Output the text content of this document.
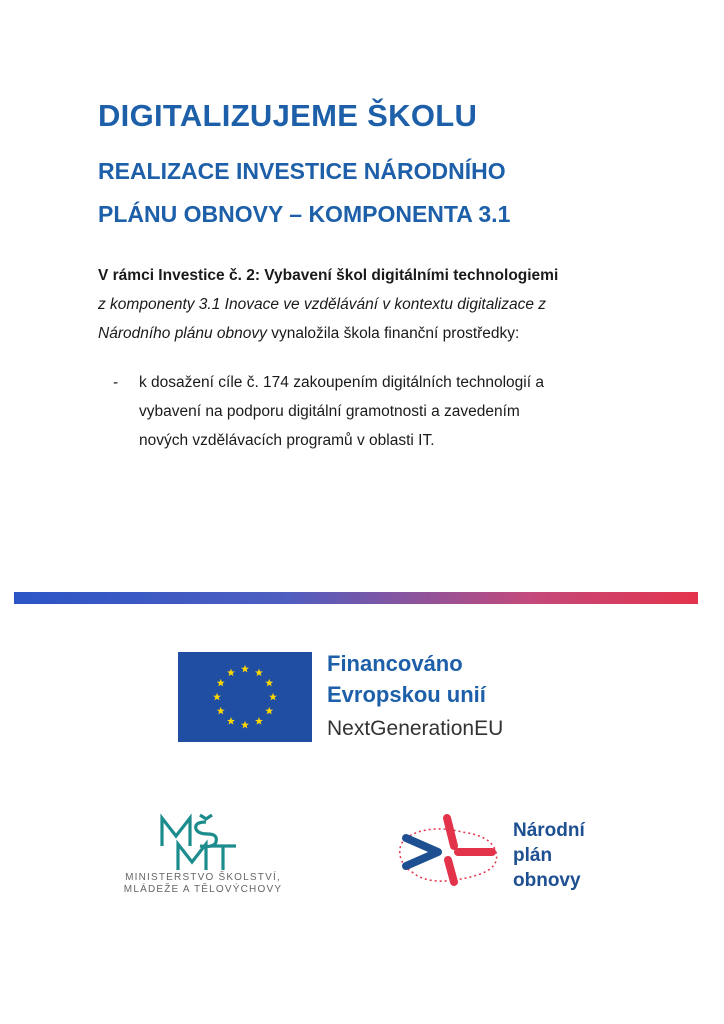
DIGITALIZUJEME ŠKOLU
REALIZACE INVESTICE NÁRODNÍHO
PLÁNU OBNOVY – KOMPONENTA 3.1
V rámci Investice č. 2: Vybavení škol digitálními technologiemi
z komponenty 3.1 Inovace ve vzdělávání v kontextu digitalizace z
Národního plánu obnovy vynaložila škola finanční prostředky:
- k dosažení cíle č. 174 zakoupením digitálních technologií a
vybavení na podporu digitální gramotnosti a zavedením
nových vzdělávacích programů v oblasti IT.
Financováno
Evropskou unií
NextGenerationEU
MINISTERSTVO ŠKOLSTVÍ,
MLÁDEŽE A TĚLOVÝCHOVY
Národní
plán
obnovy
